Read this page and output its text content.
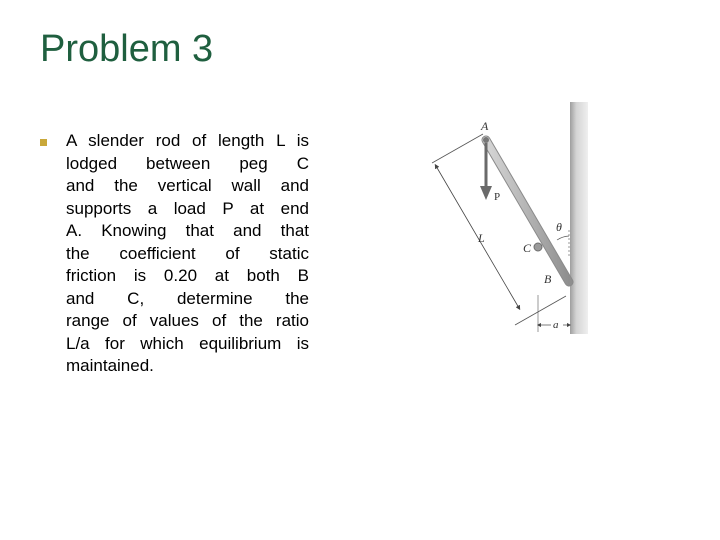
Problem 3
A slender rod of length L is
lodged between peg C
and the vertical wall and
supports a load P at end
A. Knowing that and that
the coefficient of static
friction is 0.20 at both B
and C, determine the
range of values of the ratio
L/a for which equilibrium is
maintained.
A
P
L
C
θ
B
a
